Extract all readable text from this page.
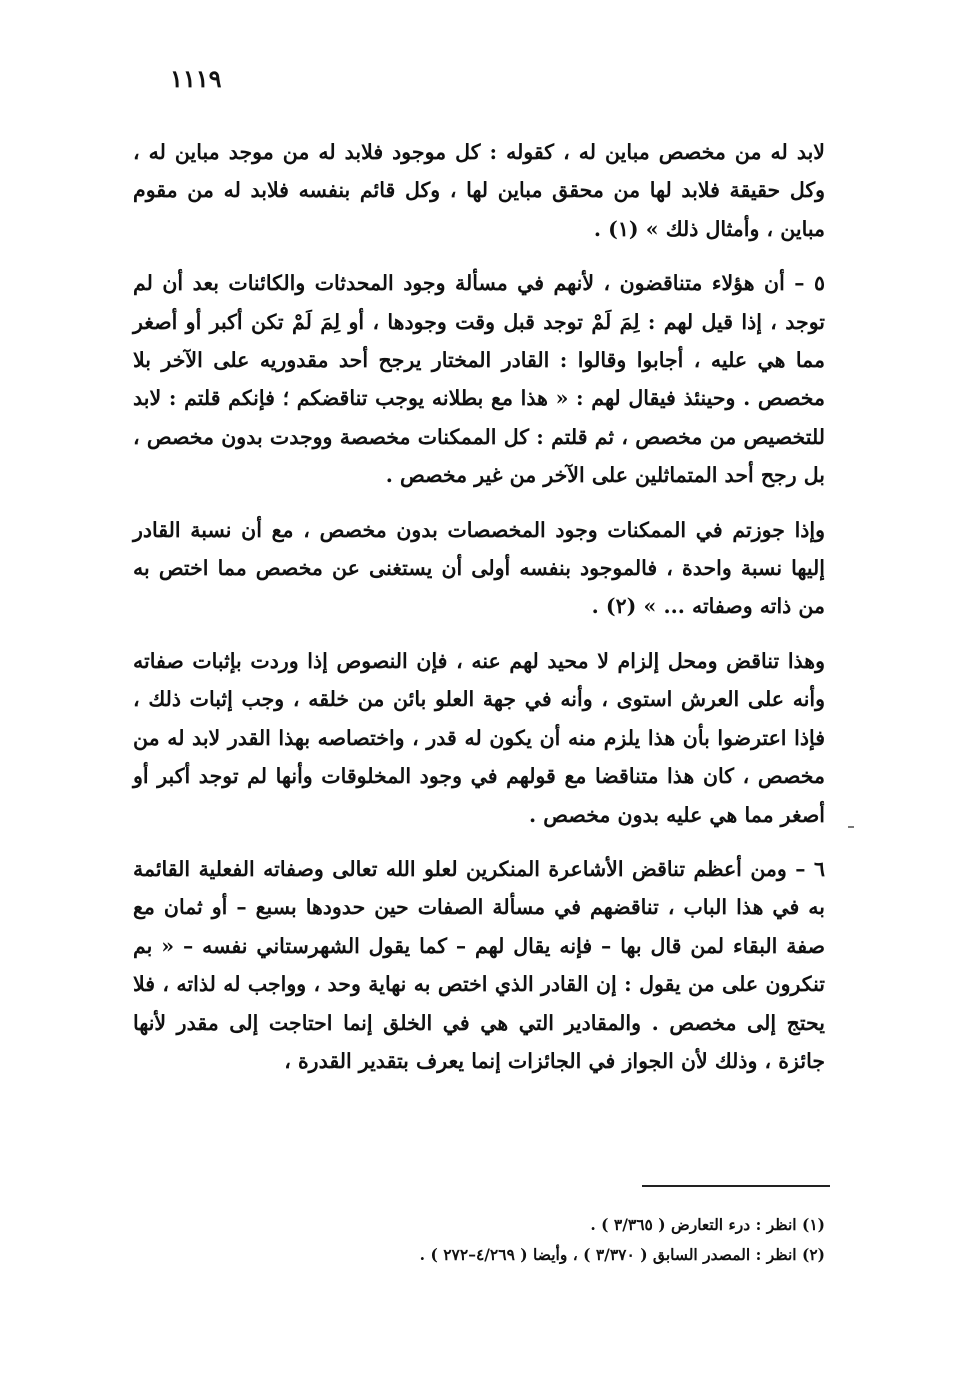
١١١٩

لابد له من مخصص مباين له ، كقوله : كل موجود فلابد له من موجد مباين له ، وكل حقيقة فلابد لها من محقق مباين لها ، وكل قائم بنفسه فلابد له من مقوم مباين ، وأمثال ذلك » (١) .

٥ – أن هؤلاء متناقضون ، لأنهم في مسألة وجود المحدثات والكائنات بعد أن لم توجد ، إذا قيل لهم : لِمَ لَمْ توجد قبل وقت وجودها ، أو لِمَ لَمْ تكن أكبر أو أصغر مما هي عليه ، أجابوا وقالوا : القادر المختار يرجح أحد مقدوريه على الآخر بلا مخصص . وحينئذ فيقال لهم : « هذا مع بطلانه يوجب تناقضكم ؛ فإنكم قلتم : لابد للتخصيص من مخصص ، ثم قلتم : كل الممكنات مخصصة ووجدت بدون مخصص ، بل رجح أحد المتماثلين على الآخر من غير مخصص .

وإذا جوزتم في الممكنات وجود المخصصات بدون مخصص ، مع أن نسبة القادر إليها نسبة واحدة ، فالموجود بنفسه أولى أن يستغنى عن مخصص مما اختص به من ذاته وصفاته ... » (٢) .

وهذا تناقض ومحل إلزام لا محيد لهم عنه ، فإن النصوص إذا وردت بإثبات صفاته وأنه على العرش استوى ، وأنه في جهة العلو بائن من خلقه ، وجب إثبات ذلك ، فإذا اعترضوا بأن هذا يلزم منه أن يكون له قدر ، واختصاصه بهذا القدر لابد له من مخصص ، كان هذا متناقضا مع قولهم في وجود المخلوقات وأنها لم توجد أكبر أو أصغر مما هي عليه بدون مخصص .

٦ – ومن أعظم تناقض الأشاعرة المنكرين لعلو الله تعالى وصفاته الفعلية القائمة به في هذا الباب ، تناقضهم في مسألة الصفات حين حدودها بسبع – أو ثمان مع صفة البقاء لمن قال بها – فإنه يقال لهم – كما يقول الشهرستاني نفسه – « بم تنكرون على من يقول : إن القادر الذي اختص به نهاية وحد ، وواجب له لذاته ، فلا يحتج إلى مخصص . والمقادير التي هي في الخلق إنما احتاجت إلى مقدر لأنها جائزة ، وذلك لأن الجواز في الجائزات إنما يعرف بتقدير القدرة ،

(١) انظر : درء التعارض ( ٣/٣٦٥ ) .

(٢) انظر : المصدر السابق ( ٣/٣٧٠ ) ، وأيضا ( ٤/٢٦٩–٢٧٢ ) .
